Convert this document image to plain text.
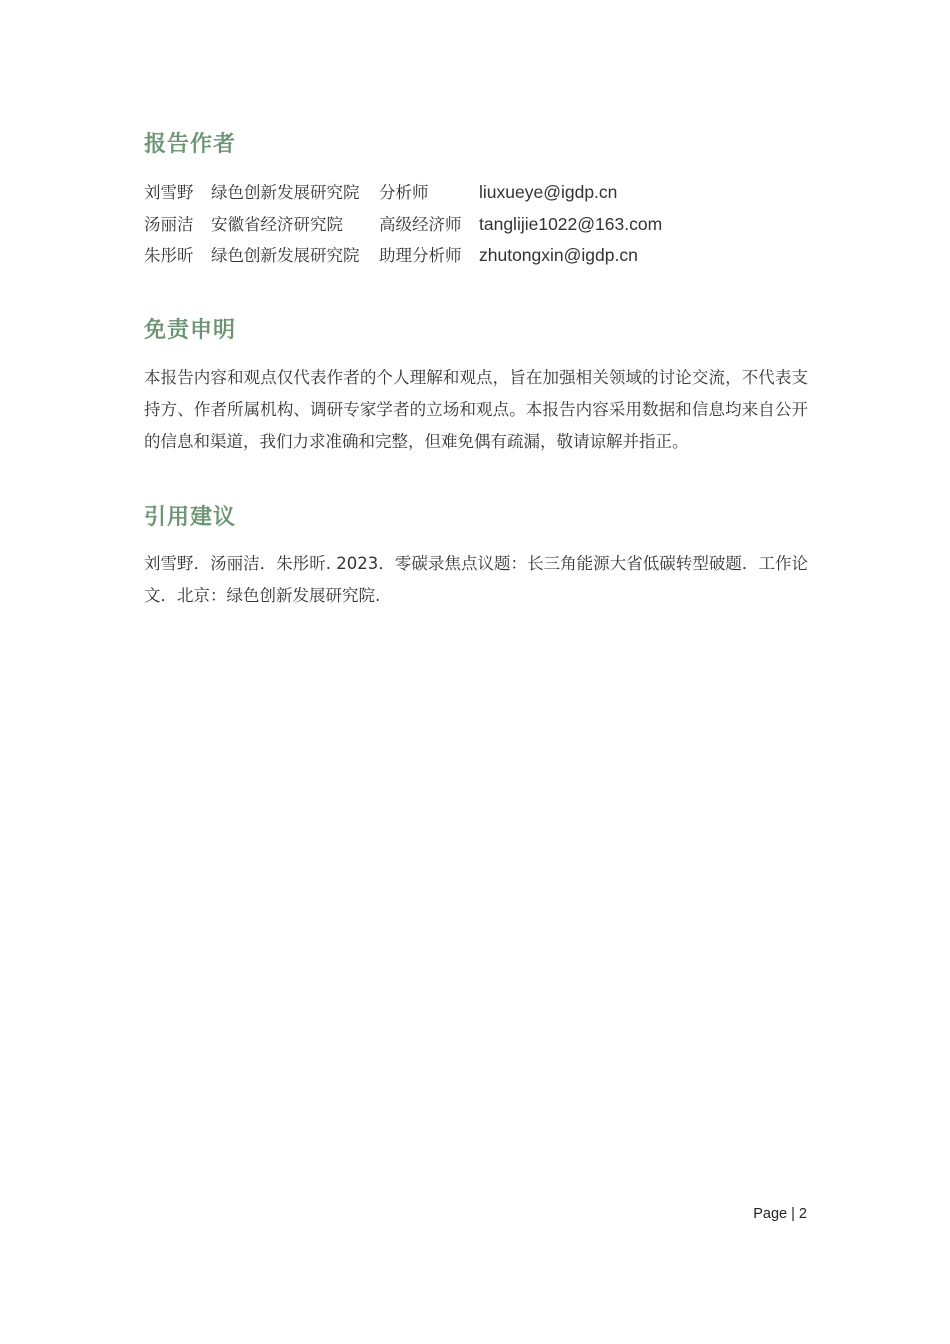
报告作者
刘雪野	绿色创新发展研究院	分析师	liuxueye@igdp.cn
汤丽洁	安徽省经济研究院	高级经济师	tanglijie1022@163.com
朱彤昕	绿色创新发展研究院	助理分析师	zhutongxin@igdp.cn
免责申明

本报告内容和观点仅代表作者的个人理解和观点，旨在加强相关领域的讨论交流，不代表支持方、作者所属机构、调研专家学者的立场和观点。本报告内容采用数据和信息均来自公开的信息和渠道，我们力求准确和完整，但难免偶有疏漏，敬请谅解并指正。

引用建议

刘雪野．汤丽洁．朱彤昕. 2023．零碳录焦点议题：长三角能源大省低碳转型破题．工作论文．北京：绿色创新发展研究院.

Page | 2
